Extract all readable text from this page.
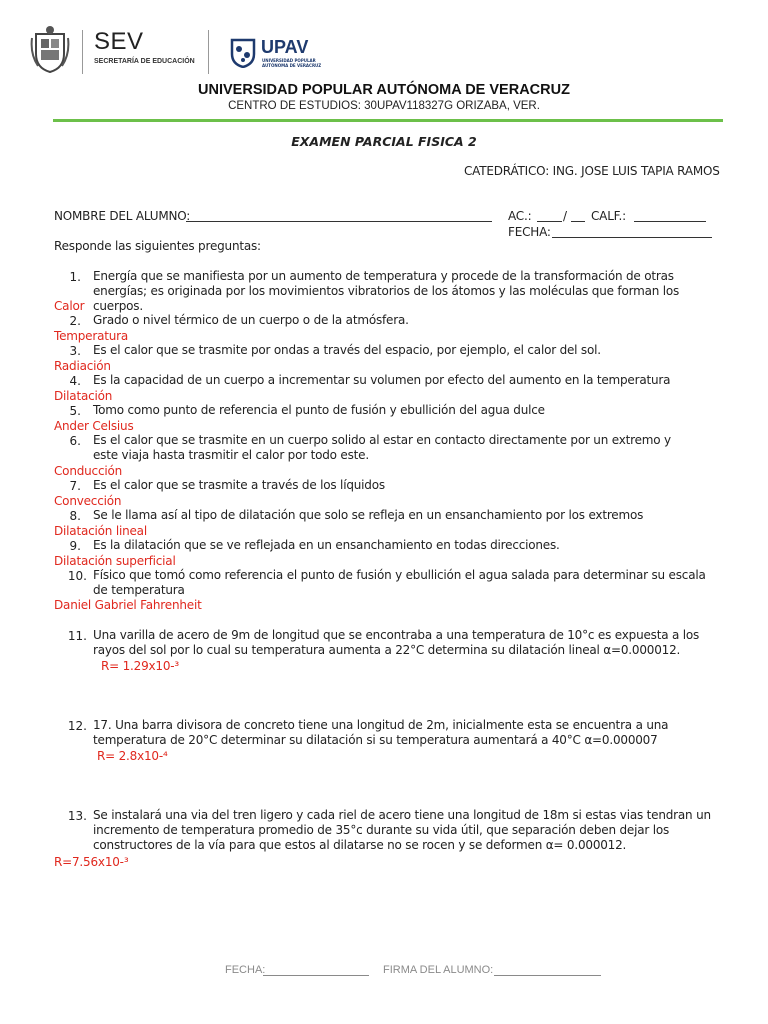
SEV
SECRETARÍA DE EDUCACIÓN
UPAV
UNIVERSIDAD POPULAR
AUTÓNOMA DE VERACRUZ
UNIVERSIDAD POPULAR AUTÓNOMA DE VERACRUZ
CENTRO DE ESTUDIOS: 30UPAV118327G ORIZABA, VER.
EXAMEN PARCIAL FISICA 2
CATEDRÁTICO: ING. JOSE LUIS TAPIA RAMOS
NOMBRE DEL ALUMNO:	AC.:	/ CALF.:
FECHA:
Responde las siguientes preguntas:
1. Energía que se manifiesta por un aumento de temperatura y procede de la transformación de otras energías; es originada por los movimientos vibratorios de los átomos y las moléculas que forman los cuerpos.
Calor
2. Grado o nivel térmico de un cuerpo o de la atmósfera.
Temperatura
3. Es el calor que se trasmite por ondas a través del espacio, por ejemplo, el calor del sol.
Radiación
4. Es la capacidad de un cuerpo a incrementar su volumen por efecto del aumento en la temperatura
Dilatación
5. Tomo como punto de referencia el punto de fusión y ebullición del agua dulce
Ander Celsius
6. Es el calor que se trasmite en un cuerpo solido al estar en contacto directamente por un extremo y este viaja hasta trasmitir el calor por todo este.
Conducción
7. Es el calor que se trasmite a través de los líquidos
Convección
8. Se le llama así al tipo de dilatación que solo se refleja en un ensanchamiento por los extremos
Dilatación lineal
9. Es la dilatación que se ve reflejada en un ensanchamiento en todas direcciones.
Dilatación superficial
10. Físico que tomó como referencia el punto de fusión y ebullición el agua salada para determinar su escala de temperatura
Daniel Gabriel Fahrenheit
11. Una varilla de acero de 9m de longitud que se encontraba a una temperatura de 10°c es expuesta a los rayos del sol por lo cual su temperatura aumenta a 22°C determina su dilatación lineal α=0.000012.
R= 1.29x10-³
12. 17. Una barra divisora de concreto tiene una longitud de 2m, inicialmente esta se encuentra a una temperatura de 20°C determinar su dilatación si su temperatura aumentará a 40°C α=0.000007
R= 2.8x10-⁴
13. Se instalará una via del tren ligero y cada riel de acero tiene una longitud de 18m si estas vias tendran un incremento de temperatura promedio de 35°c durante su vida útil, que separación deben dejar los constructores de la vía para que estos al dilatarse no se rocen y se deformen α= 0.000012.
R=7.56x10-³
FECHA:	FIRMA DEL ALUMNO:
